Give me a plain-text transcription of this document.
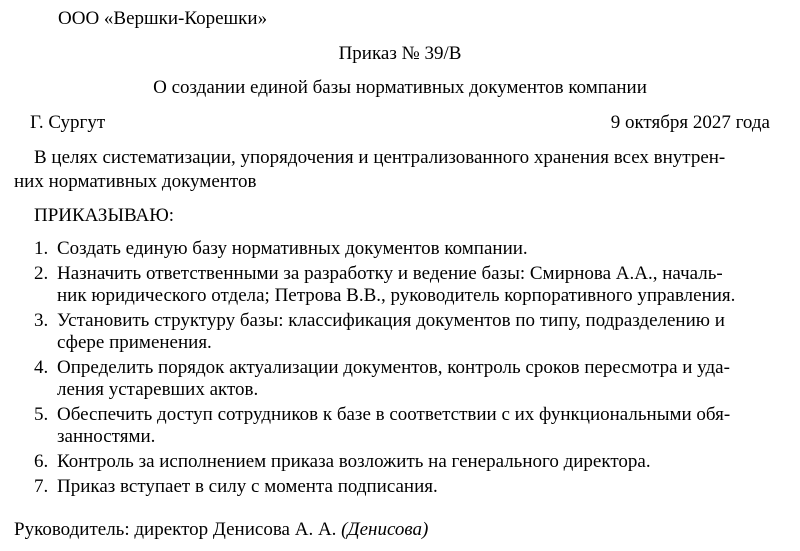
ООО «Вершки-Корешки»
Приказ № 39/В
О создании единой базы нормативных документов компании
Г. Сургут	9 октября 2027 года
В целях систематизации, упорядочения и централизованного хранения всех внутрен-
них нормативных документов
ПРИКАЗЫВАЮ:
1. Создать единую базу нормативных документов компании.
2. Назначить ответственными за разработку и ведение базы: Смирнова А.А., началь-
ник юридического отдела; Петрова В.В., руководитель корпоративного управления.
3. Установить структуру базы: классификация документов по типу, подразделению и
сфере применения.
4. Определить порядок актуализации документов, контроль сроков пересмотра и уда-
ления устаревших актов.
5. Обеспечить доступ сотрудников к базе в соответствии с их функциональными обя-
занностями.
6. Контроль за исполнением приказа возложить на генерального директора.
7. Приказ вступает в силу с момента подписания.
Руководитель: директор Денисова А. А. (Денисова)
